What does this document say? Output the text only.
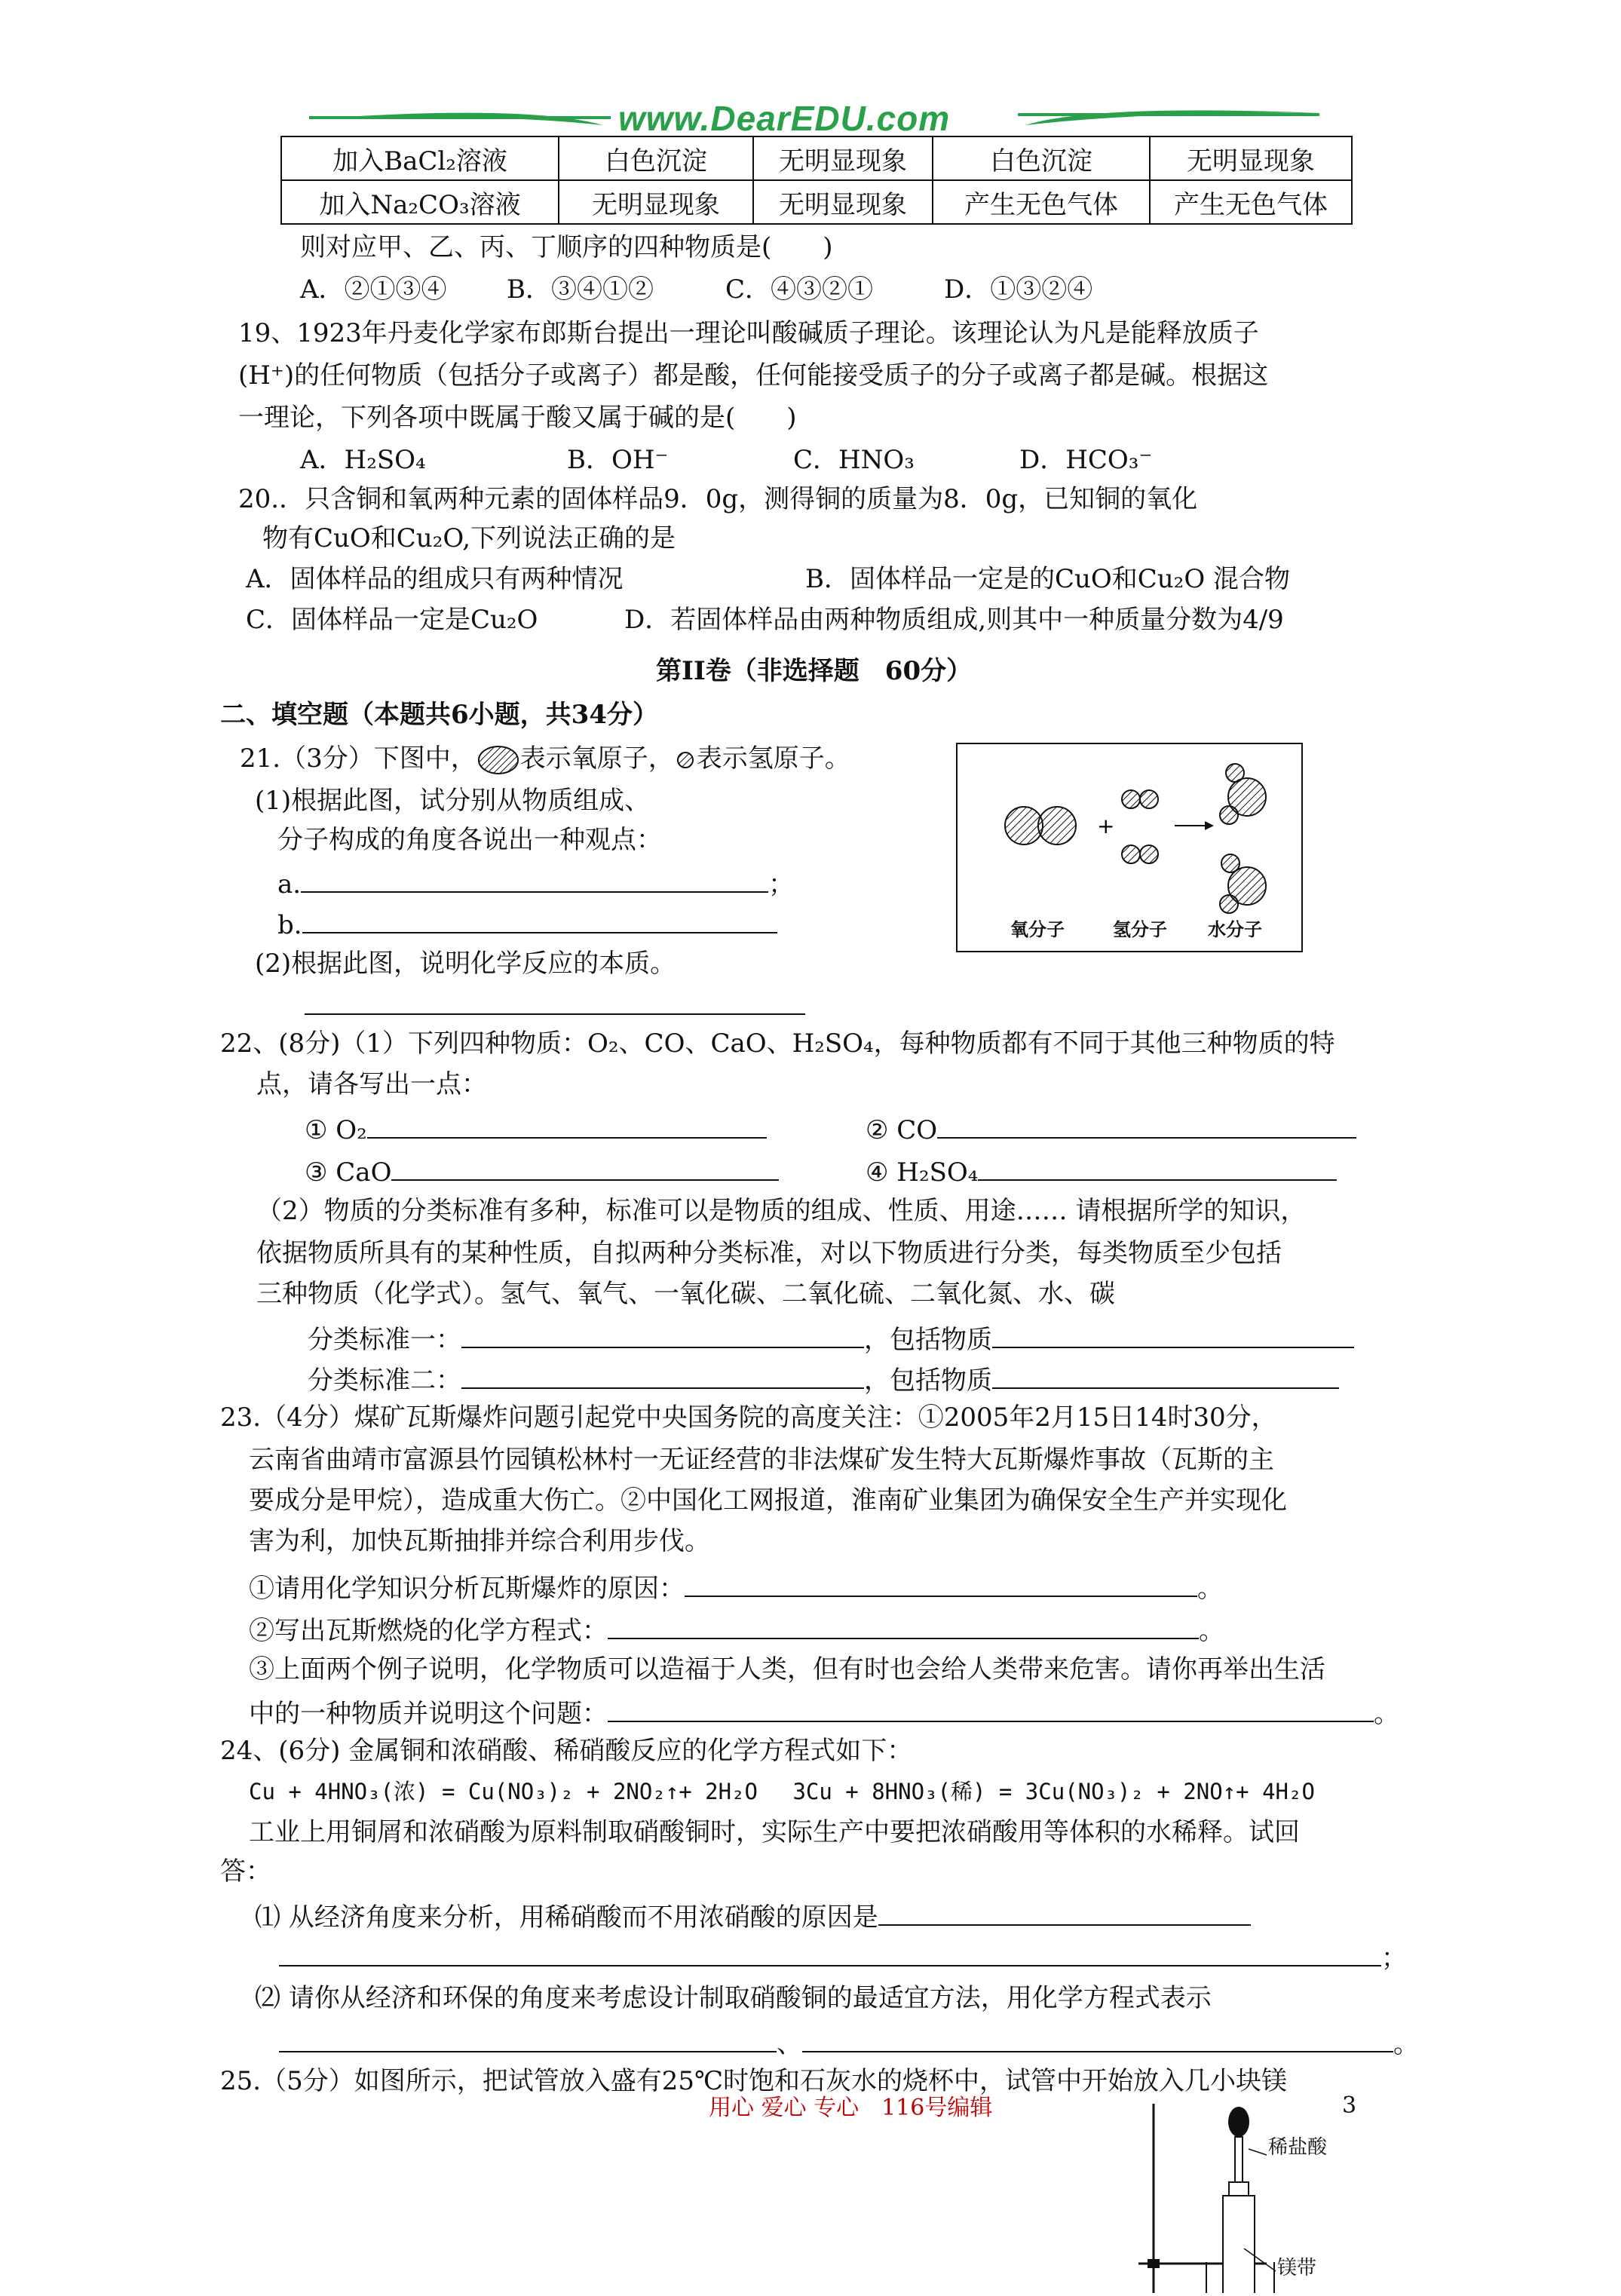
www.DearEDU.com
加入BaCl₂溶液	白色沉淀	无明显现象	白色沉淀	无明显现象
加入Na₂CO₃溶液	无明显现象	无明显现象	产生无色气体	产生无色气体
则对应甲、乙、丙、丁顺序的四种物质是(　　)
A．②①③④ B．③④①②	C．④③②①	D．①③②④
19、1923年丹麦化学家布郎斯台提出一理论叫酸碱质子理论。该理论认为凡是能释放质子
(H⁺)的任何物质（包括分子或离子）都是酸，任何能接受质子的分子或离子都是碱。根据这
一理论，下列各项中既属于酸又属于碱的是(　　)
A．H₂SO₄	B．OH⁻	C．HNO₃	D．HCO₃⁻
20.．只含铜和氧两种元素的固体样品9．0g，测得铜的质量为8．0g，已知铜的氧化
物有CuO和Cu₂O,下列说法正确的是
A．固体样品的组成只有两种情况	B．固体样品一定是的CuO和Cu₂O 混合物
C．固体样品一定是Cu₂O	D．若固体样品由两种物质组成,则其中一种质量分数为4/9
第II卷（非选择题　60分）
二、填空题（本题共6小题，共34分）
21.（3分）下图中， 表示氧原子， 表示氢原子。
(1)根据此图，试分别从物质组成、
分子构成的角度各说出一种观点：
a.	；
b.
(2)根据此图，说明化学反应的本质。
+
氧分子	氢分子 水分子
22、(8分)（1）下列四种物质：O₂、CO、CaO、H₂SO₄，每种物质都有不同于其他三种物质的特
点，请各写出一点：
① O₂	② CO
③ CaO	④ H₂SO₄
（2）物质的分类标准有多种，标准可以是物质的组成、性质、用途…… 请根据所学的知识，
依据物质所具有的某种性质，自拟两种分类标准，对以下物质进行分类，每类物质至少包括
三种物质（化学式）。氢气、氧气、一氧化碳、二氧化硫、二氧化氮、水、碳
分类标准一：	，包括物质
分类标准二：	，包括物质
23.（4分）煤矿瓦斯爆炸问题引起党中央国务院的高度关注：①2005年2月15日14时30分，
云南省曲靖市富源县竹园镇松林村一无证经营的非法煤矿发生特大瓦斯爆炸事故（瓦斯的主
要成分是甲烷），造成重大伤亡。②中国化工网报道，淮南矿业集团为确保安全生产并实现化
害为利，加快瓦斯抽排并综合利用步伐。
①请用化学知识分析瓦斯爆炸的原因：	。
②写出瓦斯燃烧的化学方程式：	。
③上面两个例子说明，化学物质可以造福于人类，但有时也会给人类带来危害。请你再举出生活
中的一种物质并说明这个问题：	。
24、(6分) 金属铜和浓硝酸、稀硝酸反应的化学方程式如下：
Cu + 4HNO₃(浓) = Cu(NO₃)₂ + 2NO₂↑+ 2H₂O　 3Cu + 8HNO₃(稀) = 3Cu(NO₃)₂ + 2NO↑+ 4H₂O
工业上用铜屑和浓硝酸为原料制取硝酸铜时，实际生产中要把浓硝酸用等体积的水稀释。试回
答：
⑴ 从经济角度来分析，用稀硝酸而不用浓硝酸的原因是
；
⑵ 请你从经济和环保的角度来考虑设计制取硝酸铜的最适宜方法，用化学方程式表示
、	。
25.（5分）如图所示，把试管放入盛有25℃时饱和石灰水的烧杯中，试管中开始放入几小块镁
稀盐酸
镁带
用心 爱心 专心　116号编辑	3
